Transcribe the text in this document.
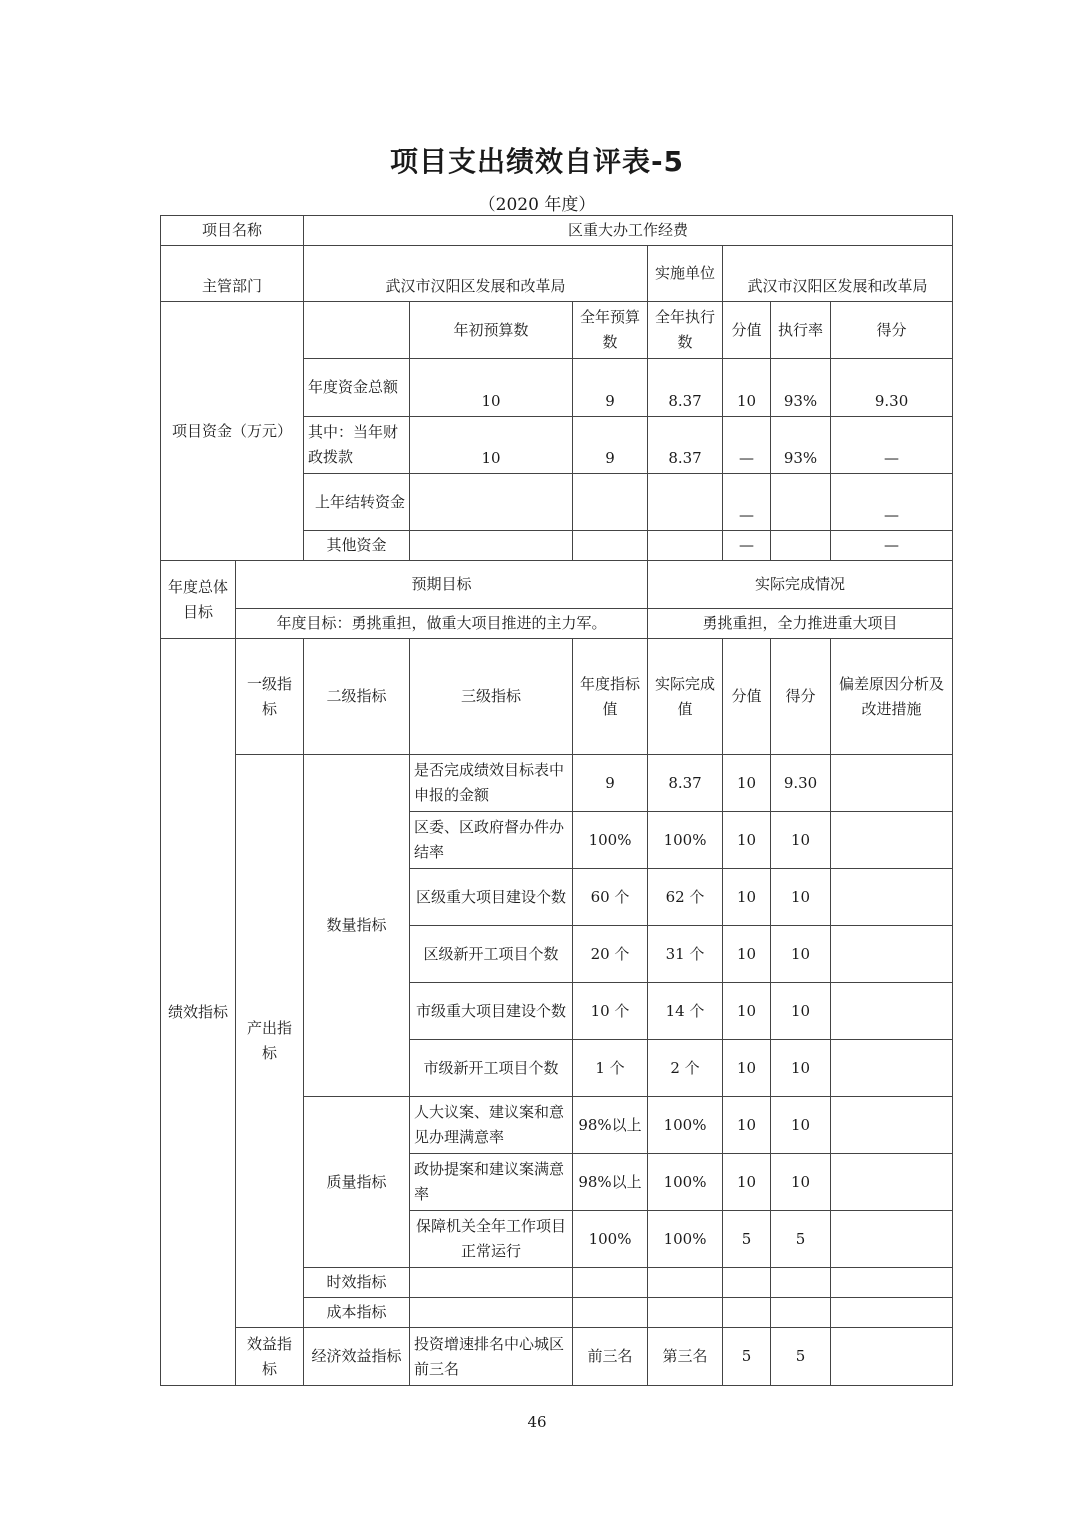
项目支出绩效自评表-5
（2020 年度）
项目名称		区重大办工作经费						
主管部门		武汉市汉阳区发展和改革局			实施单位	武汉市汉阳区发展和改革局		
项目资金（万元）			年初预算数	全年预算数	全年执行数	分值	执行率	得分
		年度资金总额	10	9	8.37	10	93%	9.30
		其中：当年财政拨款	10	9	8.37	—	93%	—
		上年结转资金				—		—
		其他资金				—		—
年度总体目标	预期目标				实际完成情况			
	年度目标：勇挑重担，做重大项目推进的主力军。				勇挑重担，全力推进重大项目			
绩效指标	一级指标	二级指标	三级指标	年度指标值	实际完成值	分值	得分	偏差原因分析及改进措施
	产出指标	数量指标	是否完成绩效目标表中申报的金额	9	8.37	10	9.30	
			区委、区政府督办件办结率	100%	100%	10	10	
			区级重大项目建设个数	60 个	62 个	10	10	
			区级新开工项目个数	20 个	31 个	10	10	
			市级重大项目建设个数	10 个	14 个	10	10	
			市级新开工项目个数	1 个	2 个	10	10	
		质量指标	人大议案、建议案和意见办理满意率	98%以上	100%	10	10	
			政协提案和建议案满意率	98%以上	100%	10	10	
			保障机关全年工作项目正常运行	100%	100%	5	5	
		时效指标						
		成本指标						
	效益指标	经济效益指标	投资增速排名中心城区前三名	前三名	第三名	5	5	
46
